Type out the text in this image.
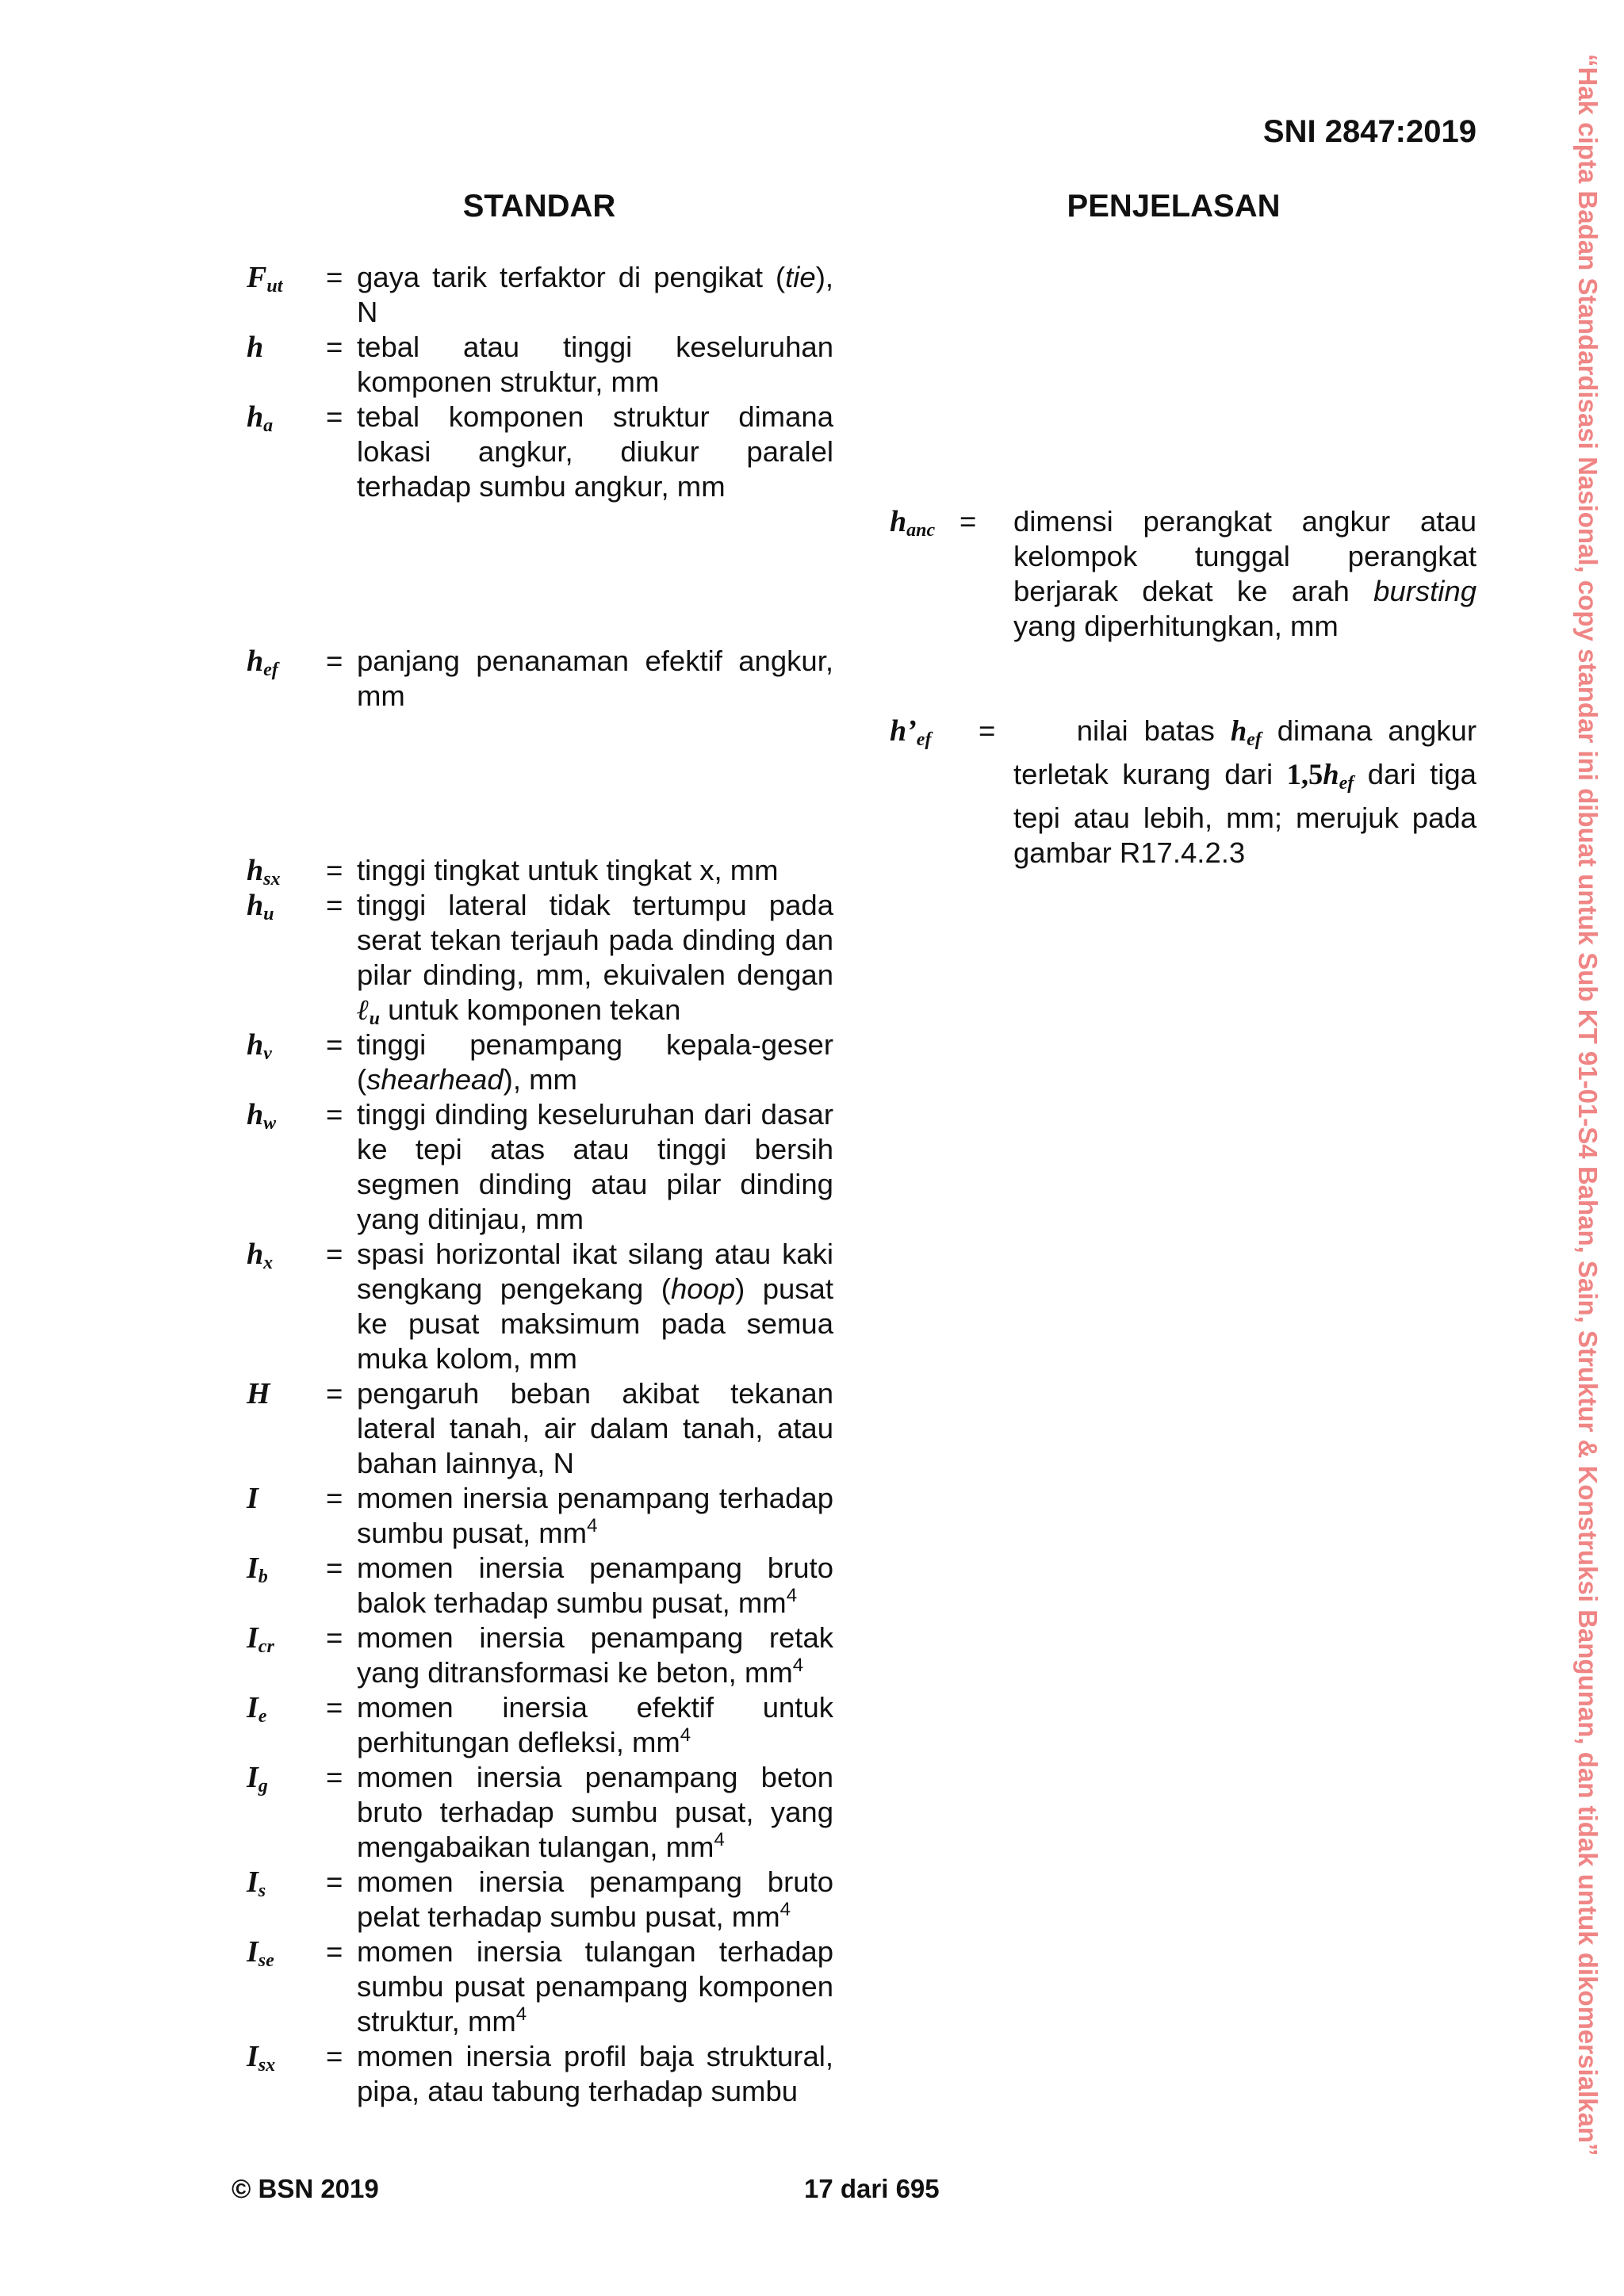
SNI 2847:2019
STANDAR	PENJELASAN
$F_{ut}$ = gaya tarik terfaktor di pengikat (tie), N
h = tebal atau tinggi keseluruhan komponen struktur, mm
$h_a$ = tebal komponen struktur dimana lokasi angkur, diukur paralel terhadap sumbu angkur, mm
$h_{ef}$ = panjang penanaman efektif angkur, mm
$h_{sx}$ = tinggi tingkat untuk tingkat x, mm
$h_u$ = tinggi lateral tidak tertumpu pada serat tekan terjauh pada dinding dan pilar dinding, mm, ekuivalen dengan ℓ$_u$ untuk komponen tekan
$h_v$ = tinggi penampang kepala-geser (shearhead), mm
$h_w$ = tinggi dinding keseluruhan dari dasar ke tepi atas atau tinggi bersih segmen dinding atau pilar dinding yang ditinjau, mm
$h_x$ = spasi horizontal ikat silang atau kaki sengkang pengekang (hoop) pusat ke pusat maksimum pada semua muka kolom, mm
H = pengaruh beban akibat tekanan lateral tanah, air dalam tanah, atau bahan lainnya, N
I = momen inersia penampang terhadap sumbu pusat, $mm^4$
$I_b$ = momen inersia penampang bruto balok terhadap sumbu pusat, $mm^4$
$I_{cr}$ = momen inersia penampang retak yang ditransformasi ke beton, $mm^4$
$I_e$ = momen inersia efektif untuk perhitungan defleksi, $mm^4$
$I_g$ = momen inersia penampang beton bruto terhadap sumbu pusat, yang mengabaikan tulangan, $mm^4$
$I_s$ = momen inersia penampang bruto pelat terhadap sumbu pusat, $mm^4$
$I_{se}$ = momen inersia tulangan terhadap sumbu pusat penampang komponen struktur, $mm^4$
$I_{sx}$ = momen inersia profil baja struktural, pipa, atau tabung terhadap sumbu
$h_{anc}$ = dimensi perangkat angkur atau kelompok tunggal perangkat berjarak dekat ke arah bursting yang diperhitungkan, mm
$h’_{ef}$ = nilai batas $h_{ef}$ dimana angkur terletak kurang dari $1,5h_{ef}$ dari tiga tepi atau lebih, mm; merujuk pada gambar R17.4.2.3
© BSN 2019	17 dari 695
“Hak cipta Badan Standardisasi Nasional, copy standar ini dibuat untuk Sub KT 91-01-S4 Bahan, Sain, Struktur & Konstruksi Bangunan, dan tidak untuk dikomersialkan”
